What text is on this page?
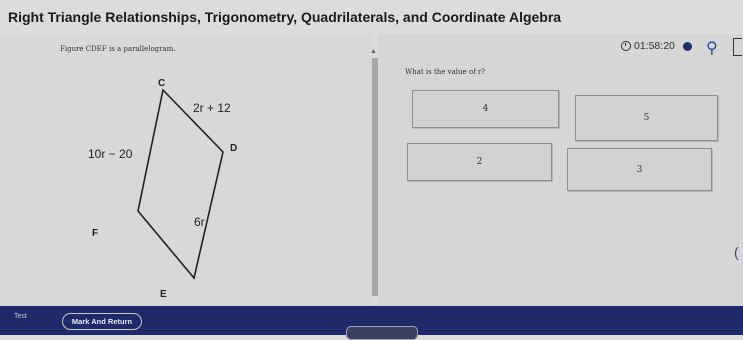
Right Triangle Relationships, Trigonometry, Quadrilaterals, and Coordinate Algebra
01:58:20 ⚲
Figure CDEF is a parallelogram.
C
D
E
F
2r + 12
10r − 20
6r
▲
What is the value of r?
4
5
2
3
(
Test
Mark And Return
